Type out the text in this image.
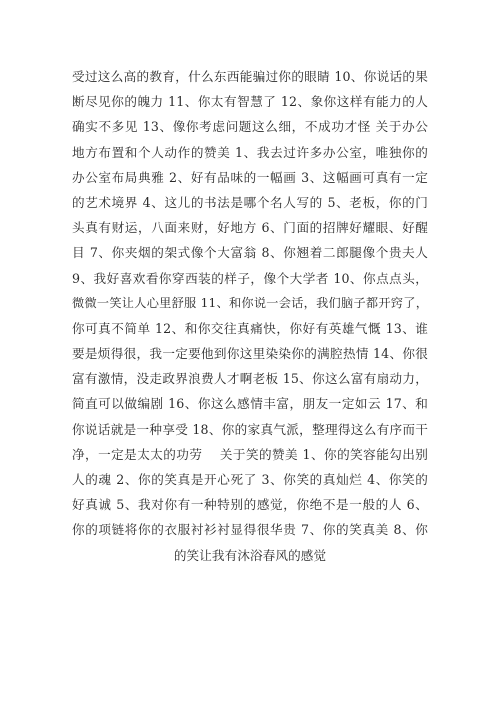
受过这么高的教育，什么东西能骗过你的眼睛 10、你说话的果
断尽见你的魄力 11、你太有智慧了 12、象你这样有能力的人
确实不多见 13、像你考虑问题这么细，不成功才怪 关于办公
地方布置和个人动作的赞美 1、我去过许多办公室，唯独你的
办公室布局典雅 2、好有品味的一幅画 3、这幅画可真有一定
的艺术境界 4、这儿的书法是哪个名人写的 5、老板，你的门
头真有财运，八面来财，好地方 6、门面的招牌好耀眼、好醒
目 7、你夹烟的架式像个大富翁 8、你翘着二郎腿像个贵夫人
9、我好喜欢看你穿西装的样子，像个大学者 10、你点点头，
微微一笑让人心里舒服 11、和你说一会话，我们脑子都开窍了，
你可真不简单 12、和你交往真痛快，你好有英雄气慨 13、谁
要是烦得很，我一定要他到你这里染染你的满腔热情 14、你很
富有激情，没走政界浪费人才啊老板 15、你这么富有扇动力，
简直可以做编剧 16、你这么感情丰富，朋友一定如云 17、和
你说话就是一种享受 18、你的家真气派，整理得这么有序而干
净，一定是太太的功劳　 关于笑的赞美 1、你的笑容能勾出别
人的魂 2、你的笑真是开心死了 3、你笑的真灿烂 4、你笑的
好真诚 5、我对你有一种特别的感觉，你绝不是一般的人 6、
你的项链将你的衣服衬衫衬显得很华贵 7、你的笑真美 8、你
的笑让我有沐浴春风的感觉
